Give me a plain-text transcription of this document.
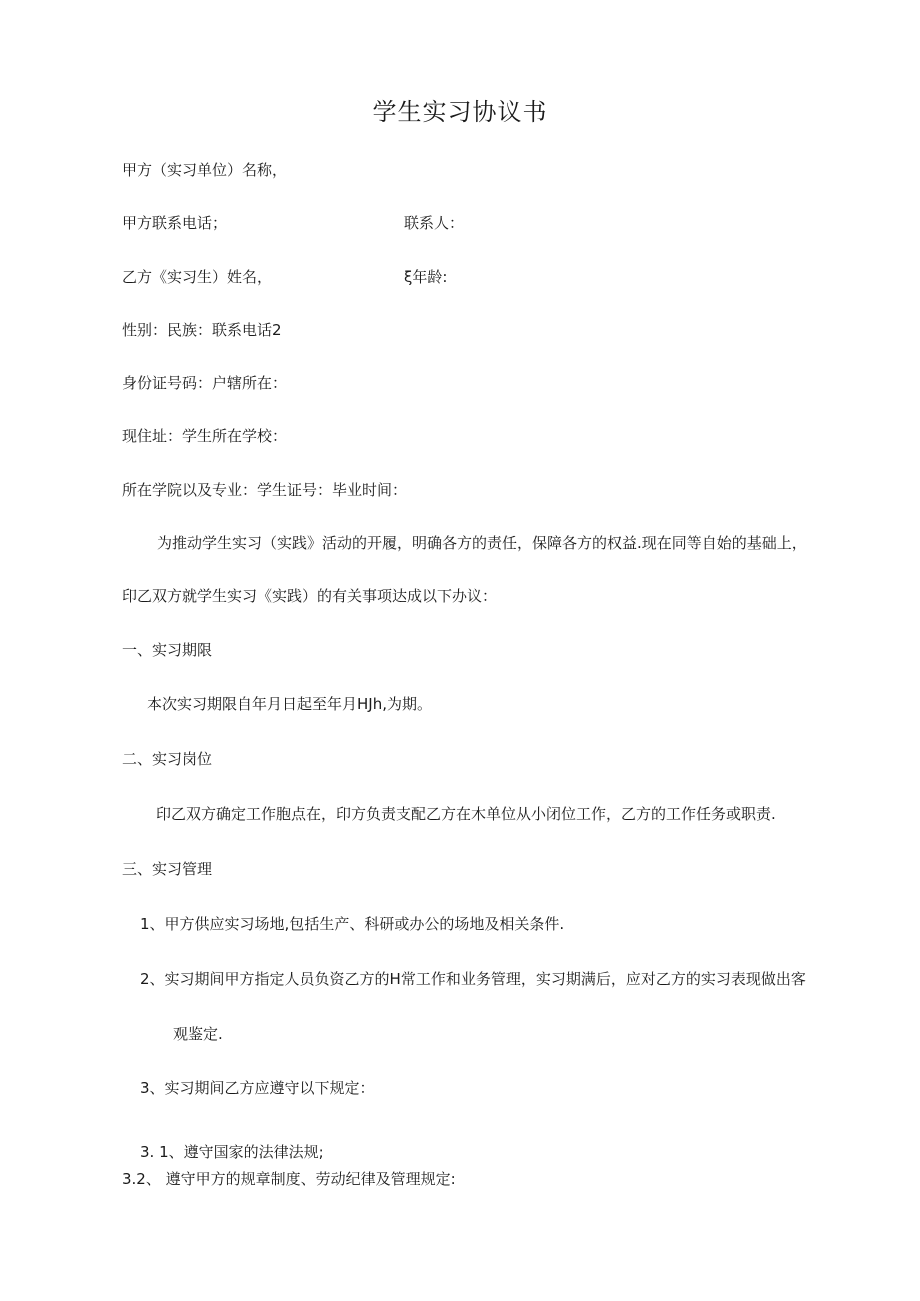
学生实习协议书
甲方（实习单位）名称，
甲方联系电话；	联系人：
乙方《实习生）姓名，	ξ年龄:
性别：民族：联系电话2
身份证号码：户辖所在：
现住址：学生所在学校：
所在学院以及专业：学生证号：毕业时间：
为推动学生实习（实践》活动的开履，明确各方的责任，保障各方的权益.现在同等自始的基础上，
印乙双方就学生实习《实践）的有关事项达成以下办议：
一、实习期限
本次实习期限自年月日起至年月HJh,为期。
二、实习岗位
印乙双方确定工作胞点在，印方负责支配乙方在木单位从小闭位工作，乙方的工作任务或职责.
三、实习管理
1、甲方供应实习场地,包括生产、科研或办公的场地及相关条件.
2、实习期间甲方指定人员负资乙方的H常工作和业务管理，实习期满后，应对乙方的实习表现做出客
观鉴定.
3、实习期间乙方应遵守以下规定：
3. 1、遵守国家的法律法规;
3.2、 遵守甲方的规章制度、劳动纪律及管理规定:
